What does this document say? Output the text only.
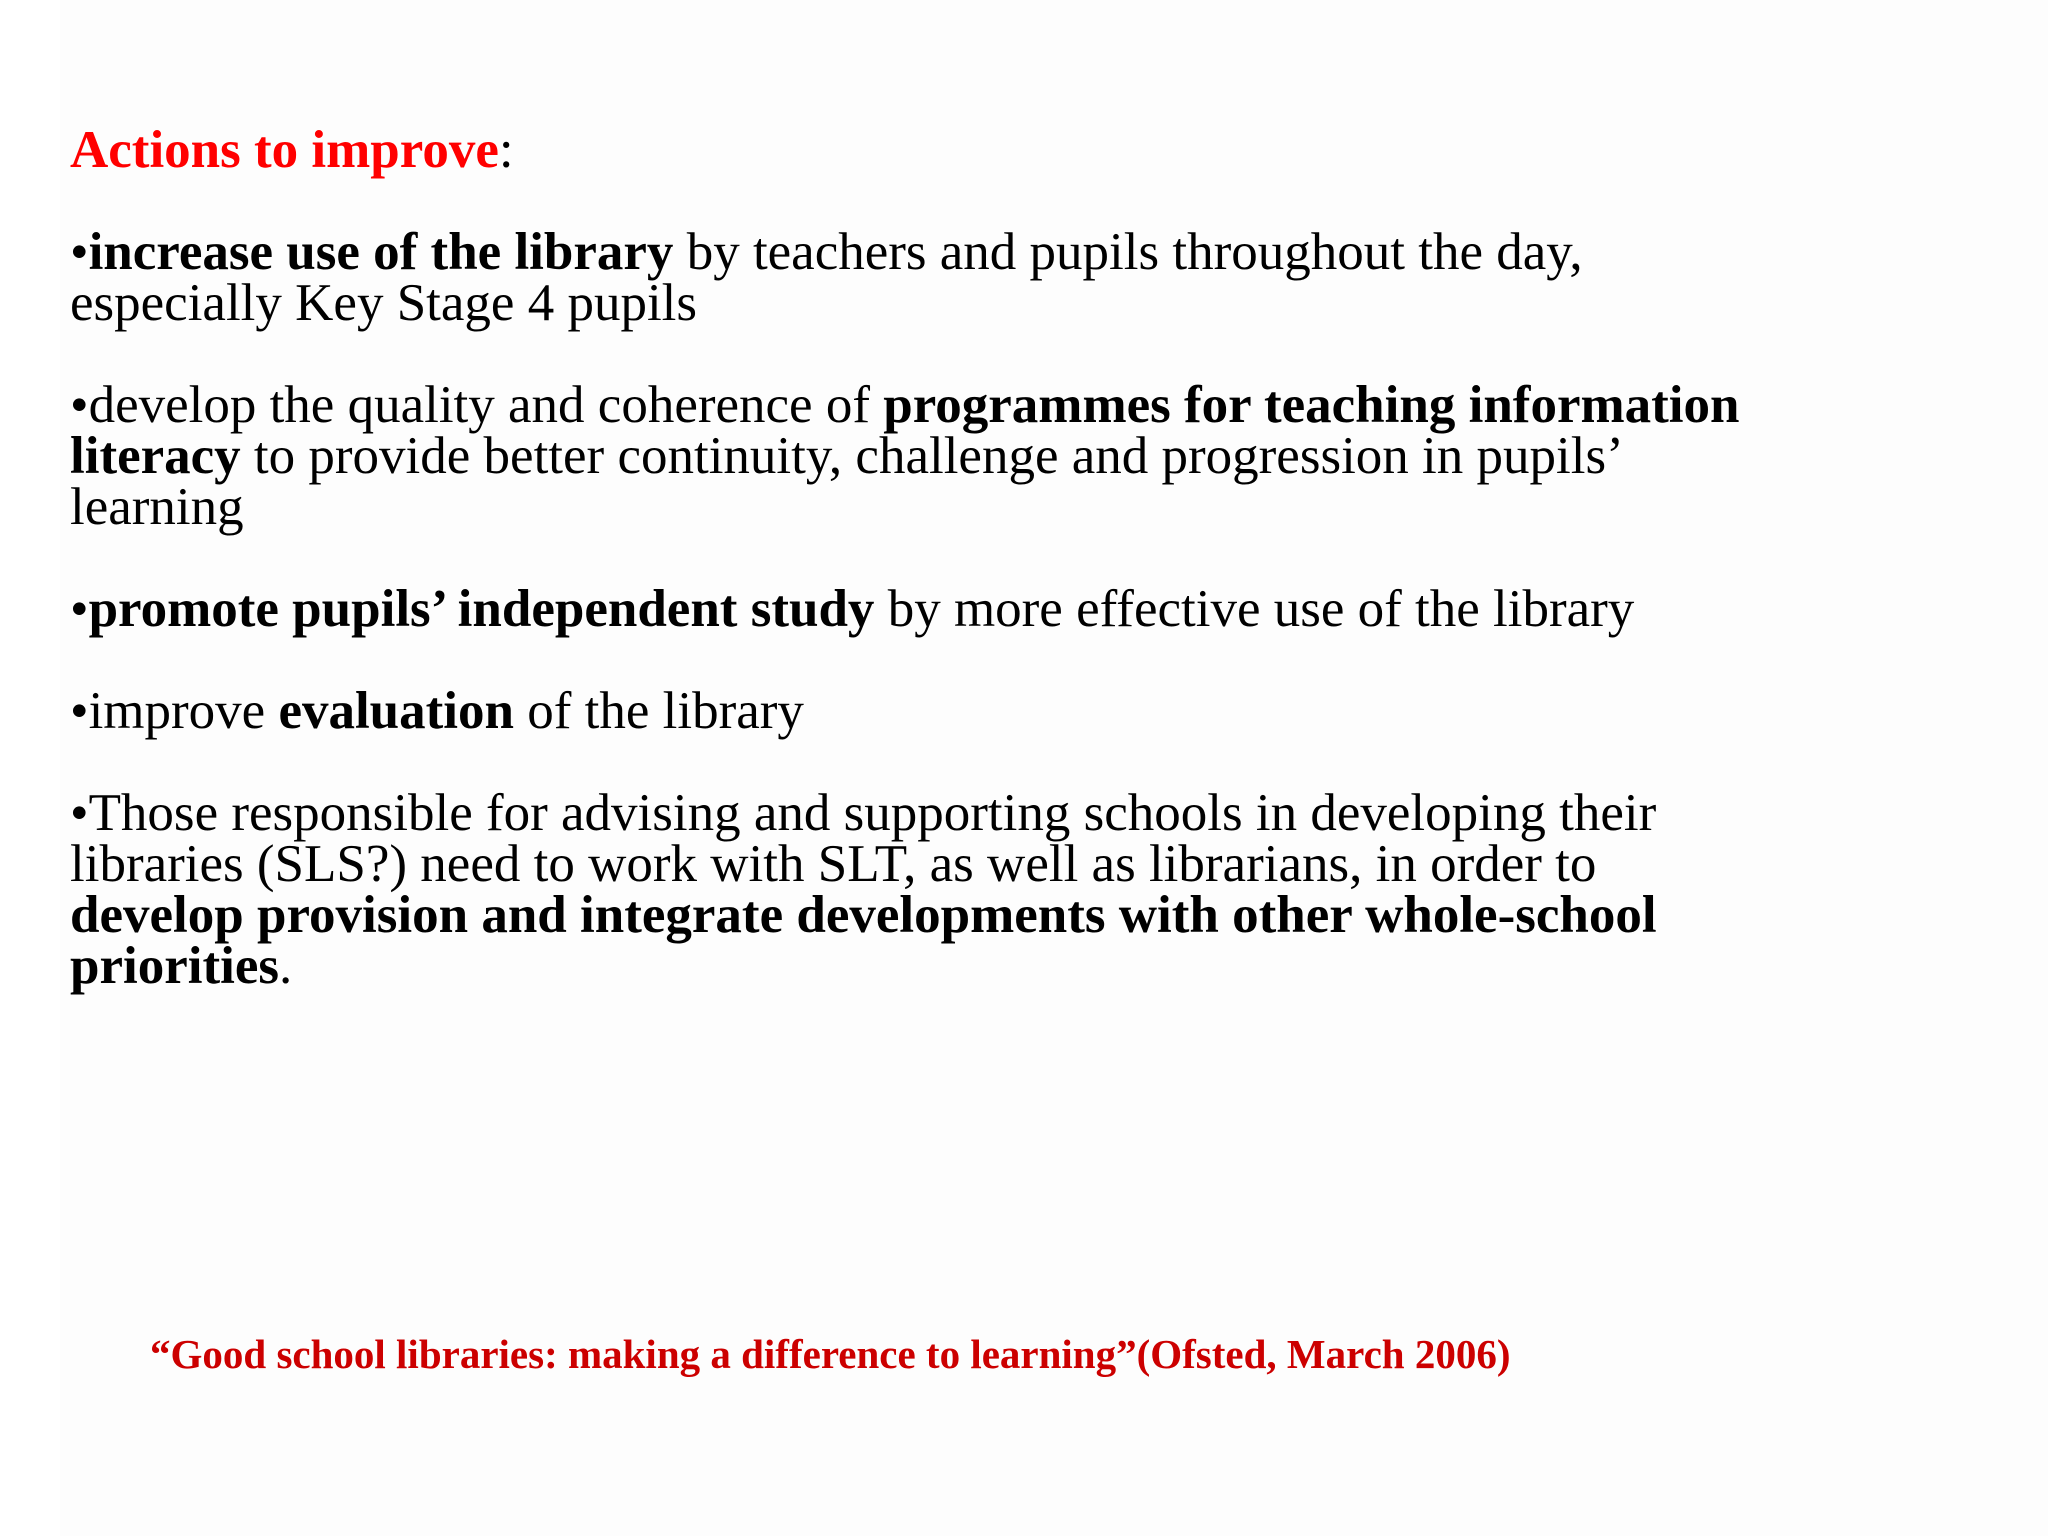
Actions to improve:

•increase use of the library by teachers and pupils throughout the day,
especially Key Stage 4 pupils

•develop the quality and coherence of programmes for teaching information
literacy to provide better continuity, challenge and progression in pupils’
learning

•promote pupils’ independent study by more effective use of the library

•improve evaluation of the library

•Those responsible for advising and supporting schools in developing their
libraries (SLS?) need to work with SLT, as well as librarians, in order to
develop provision and integrate developments with other whole-school
priorities.

“Good school libraries: making a difference to learning”(Ofsted, March 2006)
